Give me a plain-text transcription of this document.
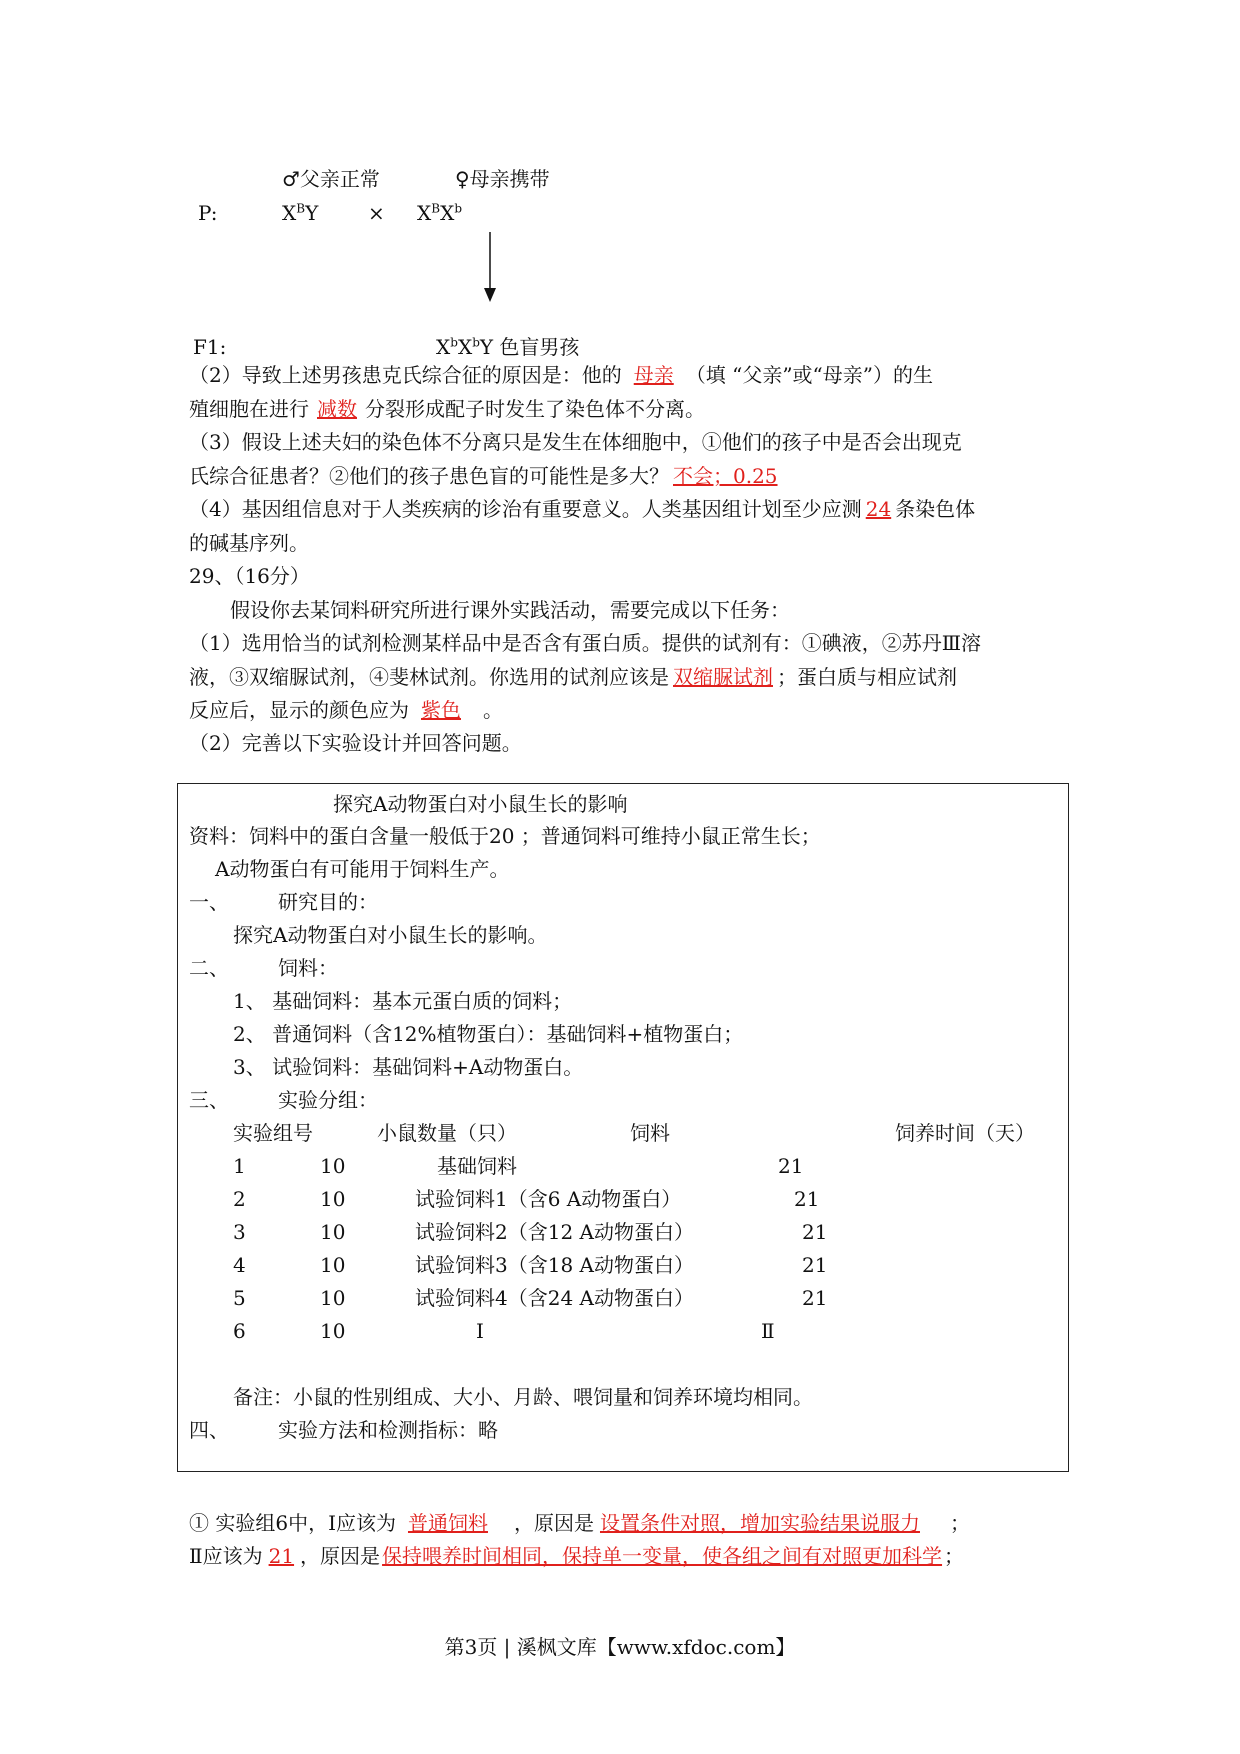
♂父亲正常	♀母亲携带
P:	$X^BY \times X^BX^b$
F1:	$X^bX^bY$ 色盲男孩
（2）导致上述男孩患克氏综合征的原因是：他的 母亲 （填 “父亲”或“母亲”）的生
殖细胞在进行 减数 分裂形成配子时发生了染色体不分离。
（3）假设上述夫妇的染色体不分离只是发生在体细胞中，①他们的孩子中是否会出现克
氏综合征患者？②他们的孩子患色盲的可能性是多大？ 不会；0.25
（4）基因组信息对于人类疾病的诊治有重要意义。人类基因组计划至少应测 24 条染色体
的碱基序列。
29、（16分）
假设你去某饲料研究所进行课外实践活动，需要完成以下任务：
（1）选用恰当的试剂检测某样品中是否含有蛋白质。提供的试剂有：①碘液，②苏丹Ⅲ溶
液，③双缩脲试剂，④斐林试剂。你选用的试剂应该是 双缩脲试剂 ；蛋白质与相应试剂
反应后，显示的颜色应为 紫色 。
（2）完善以下实验设计并回答问题。
探究A动物蛋白对小鼠生长的影响
资料：饲料中的蛋白含量一般低于20 ；普通饲料可维持小鼠正常生长；
A动物蛋白有可能用于饲料生产。
一、 研究目的：
探究A动物蛋白对小鼠生长的影响。
二、 饲料：
1、 基础饲料：基本元蛋白质的饲料；
2、 普通饲料（含12%植物蛋白）：基础饲料+植物蛋白；
3、 试验饲料：基础饲料+A动物蛋白。
三、 实验分组：
实验组号	小鼠数量（只）	饲料	饲养时间（天）
1	10	基础饲料	21
2	10	试验饲料1（含6 A动物蛋白）	21
3	10	试验饲料2（含12 A动物蛋白）	21
4	10	试验饲料3（含18 A动物蛋白）	21
5	10	试验饲料4（含24 A动物蛋白）	21
6	10	Ⅰ	Ⅱ
备注：小鼠的性别组成、大小、月龄、喂饲量和饲养环境均相同。
四、 实验方法和检测指标：略
① 实验组6中，Ⅰ应该为 普通饲料 ，原因是 设置条件对照，增加实验结果说服力 ；
Ⅱ应该为 21 ，原因是 保持喂养时间相同，保持单一变量，使各组之间有对照更加科学 ；
第3页 | 溪枫文库【www.xfdoc.com】
